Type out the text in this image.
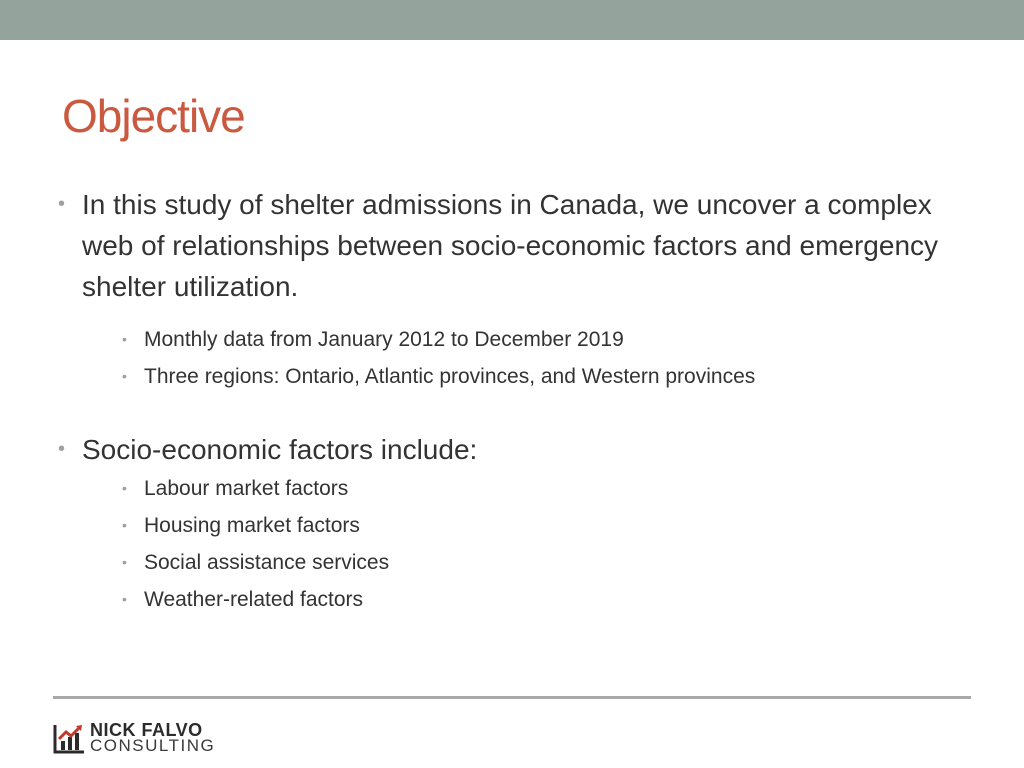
Objective
• In this study of shelter admissions in Canada, we uncover a complex web of relationships between socio-economic factors and emergency shelter utilization.
• Monthly data from January 2012 to December 2019
• Three regions: Ontario, Atlantic provinces, and Western provinces
• Socio-economic factors include:
• Labour market factors
• Housing market factors
• Social assistance services
• Weather-related factors
NICK FALVO
CONSULTING
